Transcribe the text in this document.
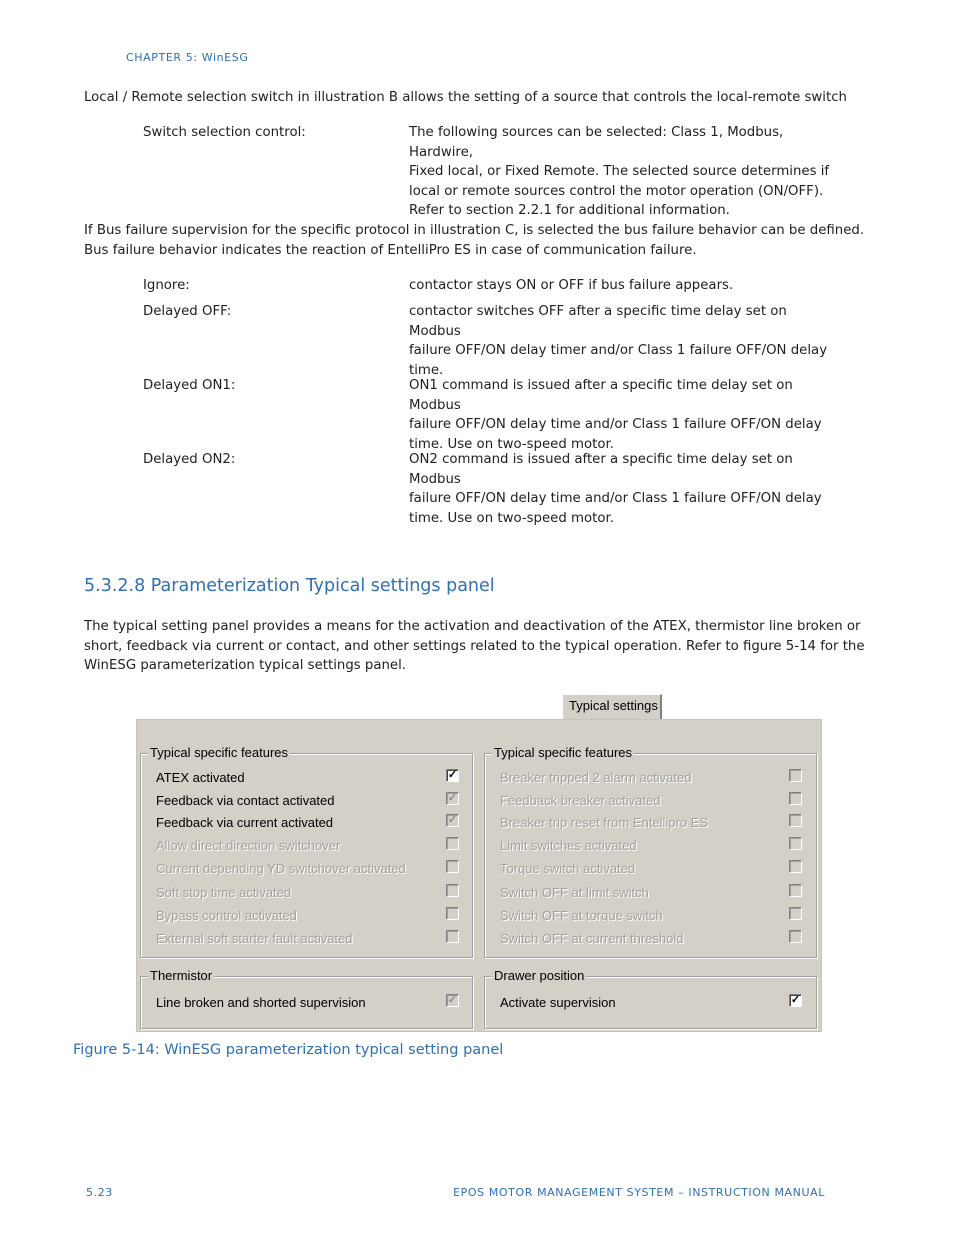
CHAPTER 5: WinESG
Local / Remote selection switch in illustration B allows the setting of a source that controls the local-remote switch
Switch selection control:	The following sources can be selected: Class 1, Modbus, Hardwire,
Fixed local, or Fixed Remote. The selected source determines if
local or remote sources control the motor operation (ON/OFF).
Refer to section 2.2.1 for additional information.
If Bus failure supervision for the specific protocol in illustration C, is selected the bus failure behavior can be defined.
Bus failure behavior indicates the reaction of EntelliPro ES in case of communication failure.
Ignore:	contactor stays ON or OFF if bus failure appears.
Delayed OFF:	contactor switches OFF after a specific time delay set on Modbus
failure OFF/ON delay timer and/or Class 1 failure OFF/ON delay
time.
Delayed ON1:	ON1 command is issued after a specific time delay set on Modbus
failure OFF/ON delay time and/or Class 1 failure OFF/ON delay
time. Use on two-speed motor.
Delayed ON2:	ON2 command is issued after a specific time delay set on Modbus
failure OFF/ON delay time and/or Class 1 failure OFF/ON delay
time. Use on two-speed motor.
5.3.2.8 Parameterization Typical settings panel
The typical setting panel provides a means for the activation and deactivation of the ATEX, thermistor line broken or
short, feedback via current or contact, and other settings related to the typical operation. Refer to figure 5-14 for the
WinESG parameterization typical settings panel.
Typical settings
Typical specific features
ATEX activated	✓
Feedback via contact activated	✓
Feedback via current activated	✓
Allow direct direction switchover
Current depending YD switchover activated
Soft stop time activated
Bypass control activated
External soft starter fault activated
Typical specific features
Breaker tripped 2 alarm activated
Feedback breaker activated
Breaker trip reset from Entellipro ES
Limit switches activated
Torque switch activated
Switch OFF at limit switch
Switch OFF at torque switch
Switch OFF at current threshold
Thermistor
Line broken and shorted supervision	✓
Drawer position
Activate supervision	✓
Figure 5-14: WinESG parameterization typical setting panel
5.23	EPOS MOTOR MANAGEMENT SYSTEM – INSTRUCTION MANUAL
